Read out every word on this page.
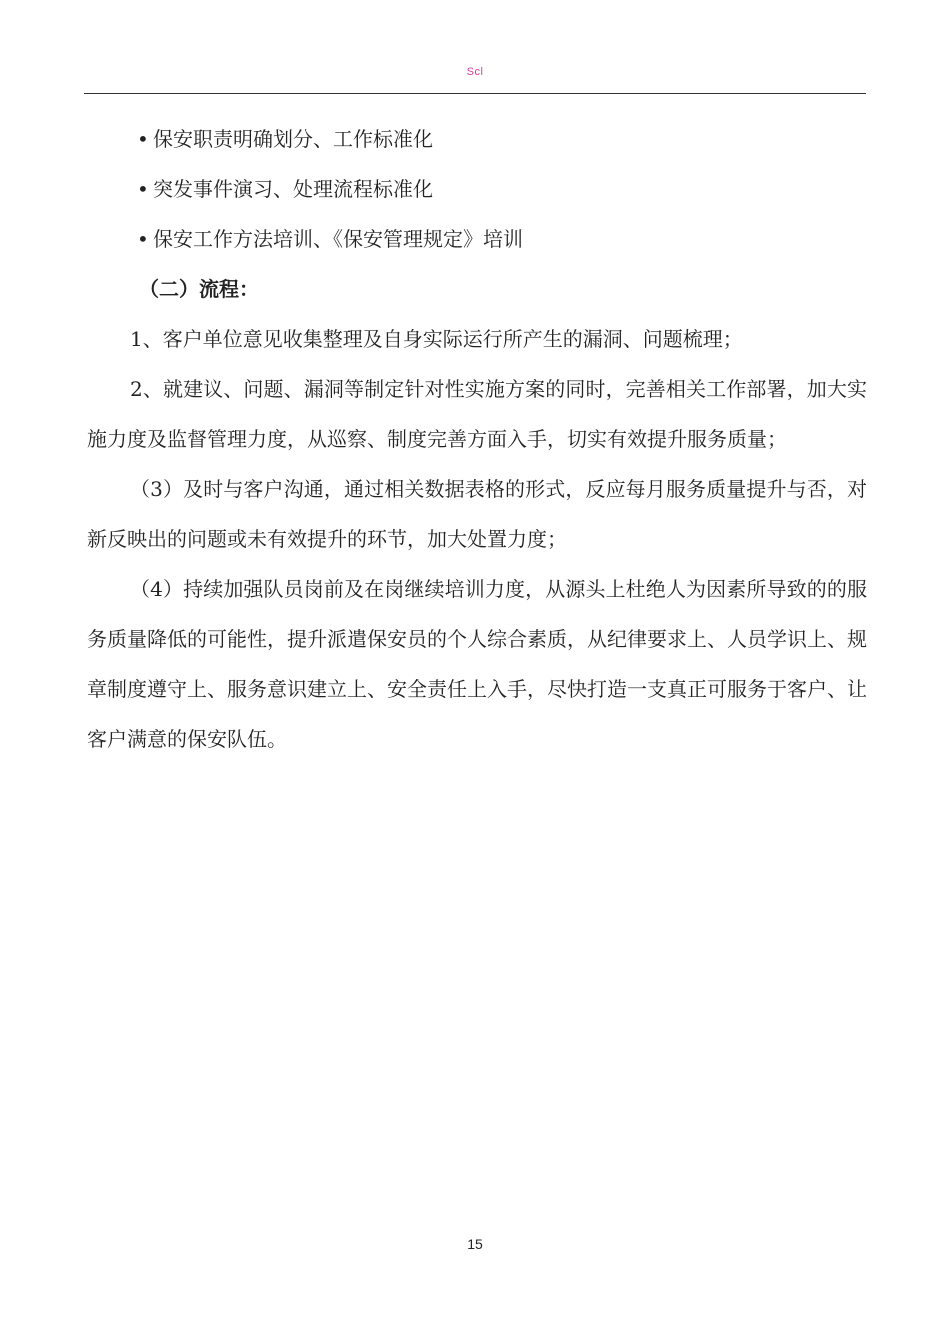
Scl
• 保安职责明确划分、工作标准化
• 突发事件演习、处理流程标准化
• 保安工作方法培训、《保安管理规定》培训
（二）流程：
1、客户单位意见收集整理及自身实际运行所产生的漏洞、问题梳理；
2、就建议、问题、漏洞等制定针对性实施方案的同时，完善相关工作部署，加大实施力度及监督管理力度，从巡察、制度完善方面入手，切实有效提升服务质量；
（3）及时与客户沟通，通过相关数据表格的形式，反应每月服务质量提升与否，对新反映出的问题或未有效提升的环节，加大处置力度；
（4）持续加强队员岗前及在岗继续培训力度，从源头上杜绝人为因素所导致的的服务质量降低的可能性，提升派遣保安员的个人综合素质，从纪律要求上、人员学识上、规章制度遵守上、服务意识建立上、安全责任上入手，尽快打造一支真正可服务于客户、让客户满意的保安队伍。
15
